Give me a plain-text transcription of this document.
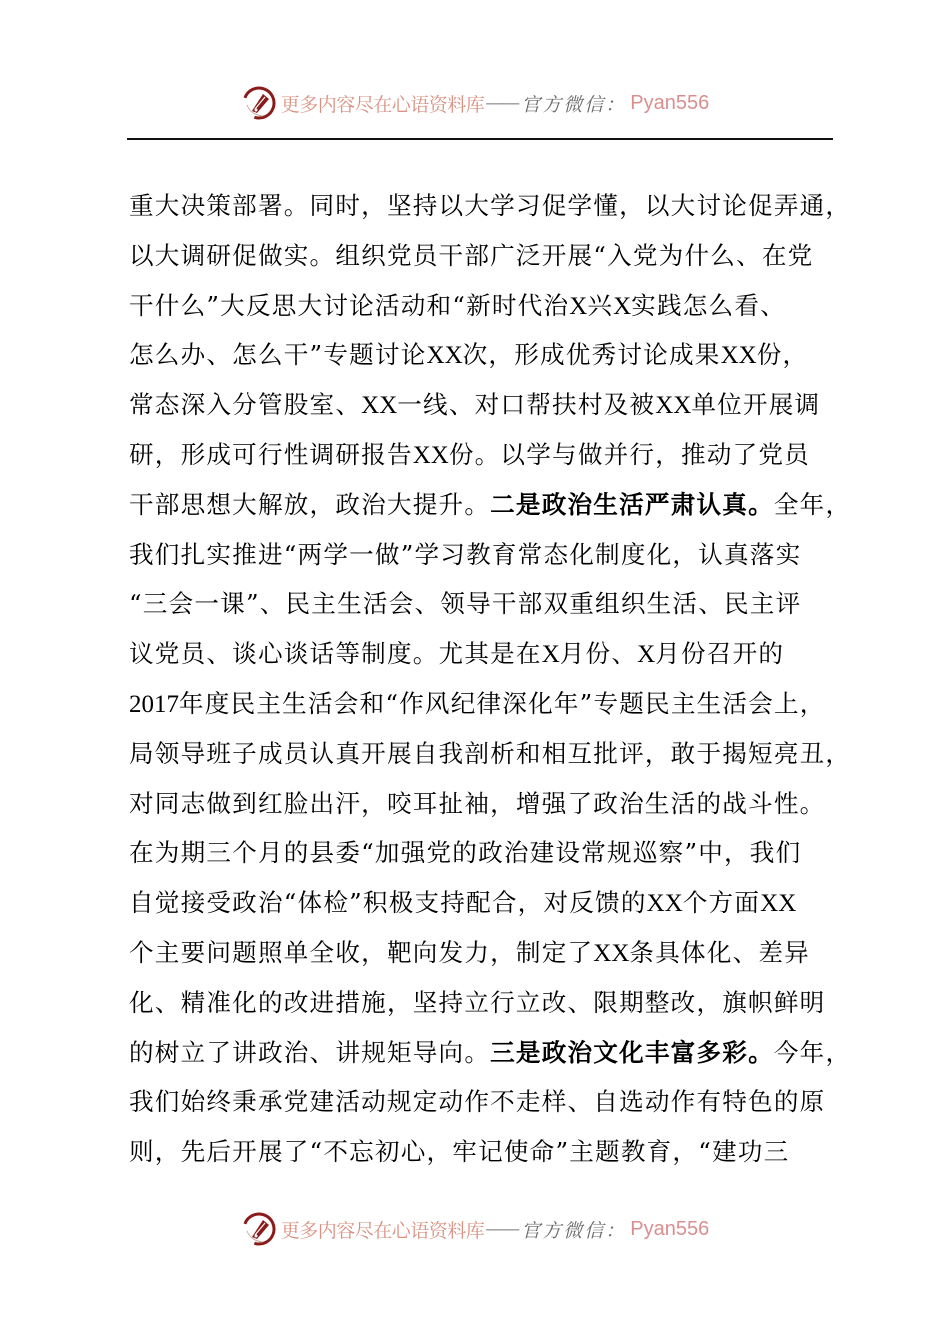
更多内容尽在心语资料库 —— 官方微信： Pyan556
重大决策部署。同时，坚持以大学习促学懂，以大讨论促弄通，
以大调研促做实。组织党员干部广泛开展“入党为什么、在党
干什么”大反思大讨论活动和“新时代治X兴X实践怎么看、
怎么办、怎么干”专题讨论XX次，形成优秀讨论成果XX份，
常态深入分管股室、XX一线、对口帮扶村及被XX单位开展调
研，形成可行性调研报告XX份。以学与做并行，推动了党员
干部思想大解放，政治大提升。二是政治生活严肃认真。全年，
我们扎实推进“两学一做”学习教育常态化制度化，认真落实
“三会一课”、民主生活会、领导干部双重组织生活、民主评
议党员、谈心谈话等制度。尤其是在X月份、X月份召开的
2017年度民主生活会和“作风纪律深化年”专题民主生活会上，
局领导班子成员认真开展自我剖析和相互批评，敢于揭短亮丑，
对同志做到红脸出汗，咬耳扯袖，增强了政治生活的战斗性。
在为期三个月的县委“加强党的政治建设常规巡察”中，我们
自觉接受政治“体检”积极支持配合，对反馈的XX个方面XX
个主要问题照单全收，靶向发力，制定了XX条具体化、差异
化、精准化的改进措施，坚持立行立改、限期整改，旗帜鲜明
的树立了讲政治、讲规矩导向。三是政治文化丰富多彩。今年，
我们始终秉承党建活动规定动作不走样、自选动作有特色的原
则，先后开展了“不忘初心，牢记使命”主题教育，“建功三
更多内容尽在心语资料库 —— 官方微信： Pyan556
